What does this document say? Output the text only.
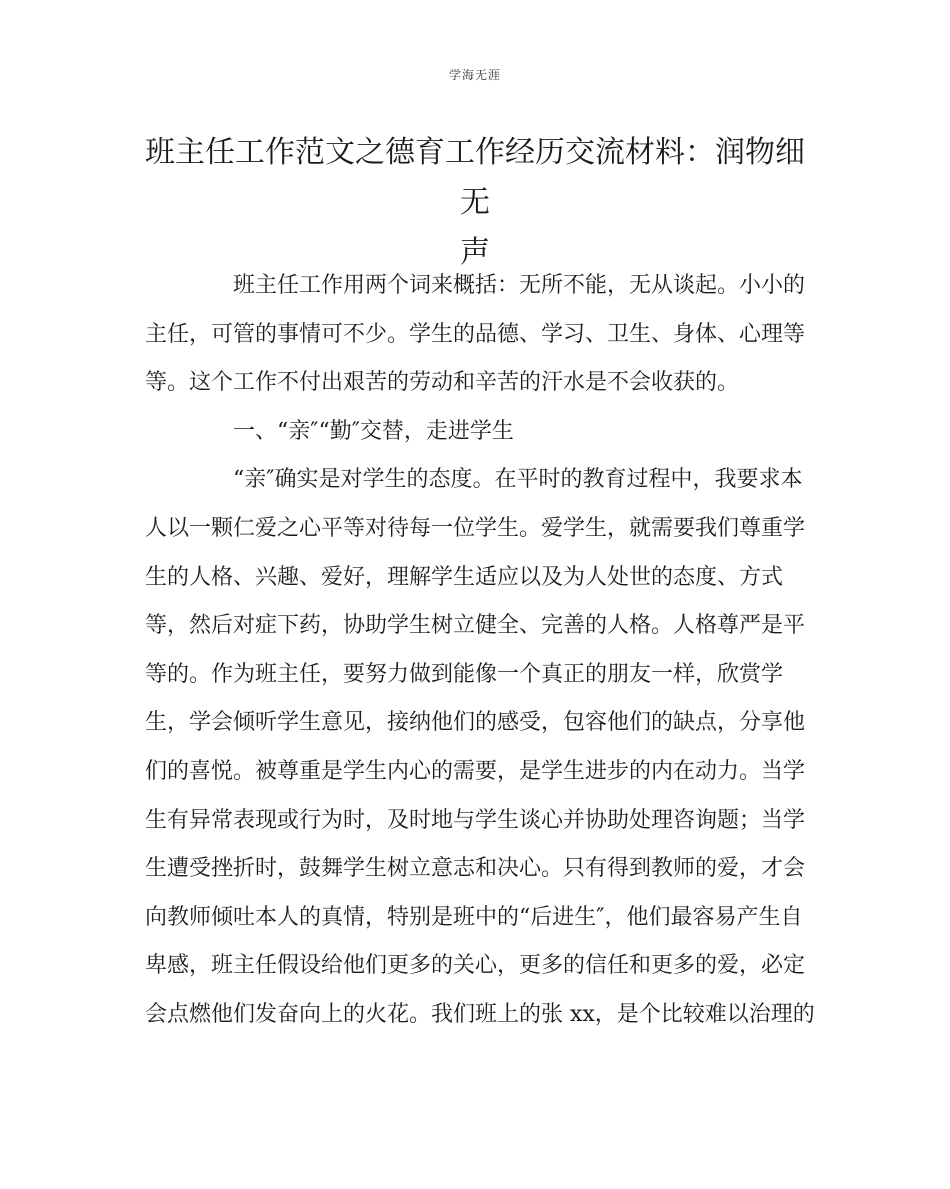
学海无涯
班主任工作范文之德育工作经历交流材料：润物细无
声
班主任工作用两个词来概括：无所不能，无从谈起。小小的
主任，可管的事情可不少。学生的品德、学习、卫生、身体、心理等
等。这个工作不付出艰苦的劳动和辛苦的汗水是不会收获的。
一、“亲″“勤″交替，走进学生
“亲″确实是对学生的态度。在平时的教育过程中，我要求本
人以一颗仁爱之心平等对待每一位学生。爱学生，就需要我们尊重学
生的人格、兴趣、爱好，理解学生适应以及为人处世的态度、方式
等，然后对症下药，协助学生树立健全、完善的人格。人格尊严是平
等的。作为班主任，要努力做到能像一个真正的朋友一样，欣赏学
生，学会倾听学生意见，接纳他们的感受，包容他们的缺点，分享他
们的喜悦。被尊重是学生内心的需要，是学生进步的内在动力。当学
生有异常表现或行为时，及时地与学生谈心并协助处理咨询题；当学
生遭受挫折时，鼓舞学生树立意志和决心。只有得到教师的爱，才会
向教师倾吐本人的真情，特别是班中的“后进生″，他们最容易产生自
卑感，班主任假设给他们更多的关心，更多的信任和更多的爱，必定
会点燃他们发奋向上的火花。我们班上的张 xx，是个比较难以治理的
